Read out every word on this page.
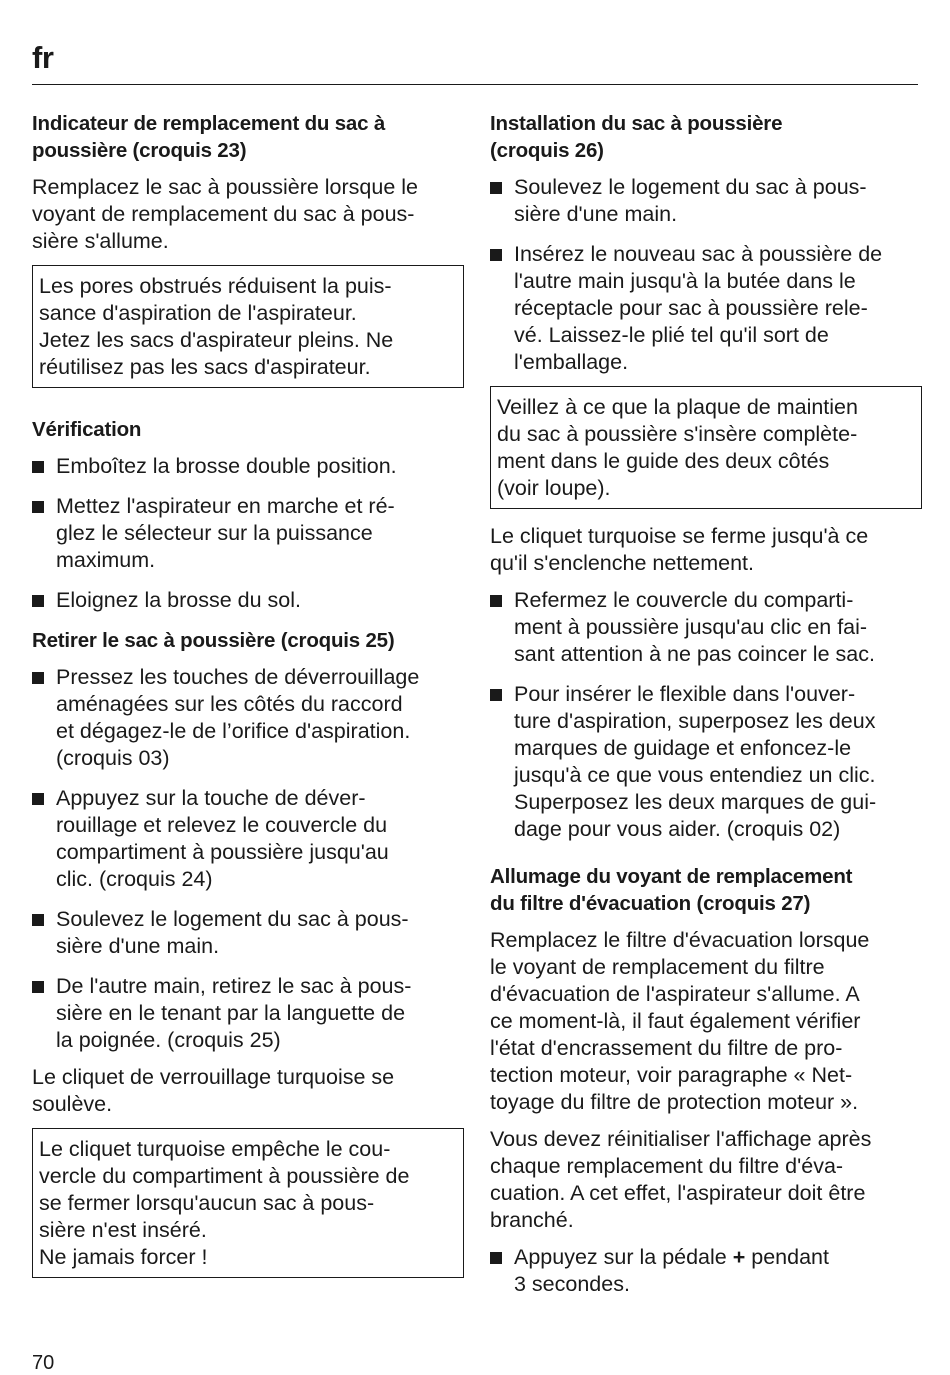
fr
Indicateur de remplacement du sac à
poussière (croquis 23)

Remplacez le sac à poussière lorsque le
voyant de remplacement du sac à pous-
sière s'allume.

Les pores obstrués réduisent la puis-
sance d'aspiration de l'aspirateur.
Jetez les sacs d'aspirateur pleins. Ne
réutilisez pas les sacs d'aspirateur.
Vérification
Emboîtez la brosse double position.
Mettez l'aspirateur en marche et ré-
glez le sélecteur sur la puissance
maximum.
Eloignez la brosse du sol.
Retirer le sac à poussière (croquis 25)
Pressez les touches de déverrouillage
aménagées sur les côtés du raccord
et dégagez-le de l’orifice d'aspiration.
(croquis 03)
Appuyez sur la touche de déver-
rouillage et relevez le couvercle du
compartiment à poussière jusqu'au
clic. (croquis 24)
Soulevez le logement du sac à pous-
sière d'une main.
De l'autre main, retirez le sac à pous-
sière en le tenant par la languette de
la poignée. (croquis 25)

Le cliquet de verrouillage turquoise se
soulève.

Le cliquet turquoise empêche le cou-
vercle du compartiment à poussière de
se fermer lorsqu'aucun sac à pous-
sière n'est inséré.
Ne jamais forcer !
Installation du sac à poussière
(croquis 26)
Soulevez le logement du sac à pous-
sière d'une main.
Insérez le nouveau sac à poussière de
l'autre main jusqu'à la butée dans le
réceptacle pour sac à poussière rele-
vé. Laissez-le plié tel qu'il sort de
l'emballage.
Veillez à ce que la plaque de maintien
du sac à poussière s'insère complète-
ment dans le guide des deux côtés
(voir loupe).

Le cliquet turquoise se ferme jusqu'à ce
qu'il s'enclenche nettement.

Refermez le couvercle du comparti-
ment à poussière jusqu'au clic en fai-
sant attention à ne pas coincer le sac.
Pour insérer le flexible dans l'ouver-
ture d'aspiration, superposez les deux
marques de guidage et enfoncez-le
jusqu'à ce que vous entendiez un clic.
Superposez les deux marques de gui-
dage pour vous aider. (croquis 02)
Allumage du voyant de remplacement
du filtre d'évacuation (croquis 27)

Remplacez le filtre d'évacuation lorsque
le voyant de remplacement du filtre
d'évacuation de l'aspirateur s'allume. A
ce moment-là, il faut également vérifier
l'état d'encrassement du filtre de pro-
tection moteur, voir paragraphe « Net-
toyage du filtre de protection moteur ».

Vous devez réinitialiser l'affichage après
chaque remplacement du filtre d'éva-
cuation. A cet effet, l'aspirateur doit être
branché.

Appuyez sur la pédale + pendant
3 secondes.
70
